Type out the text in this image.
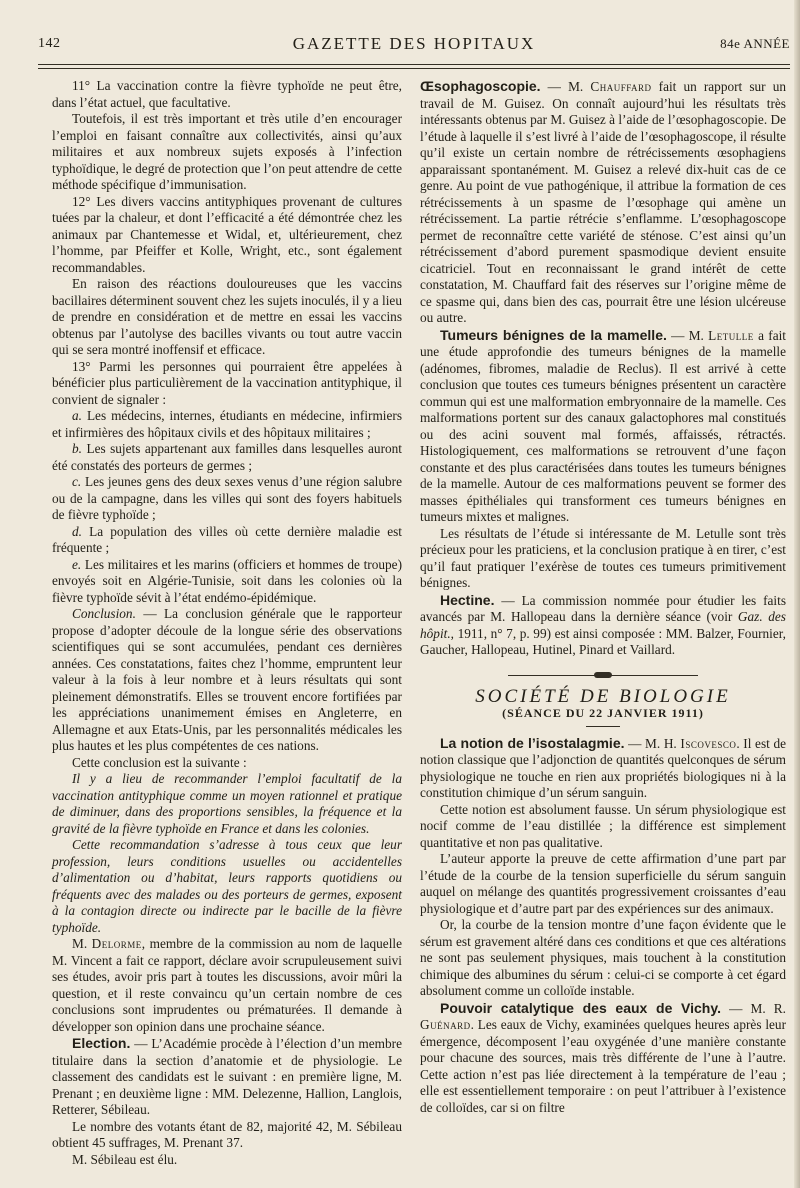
142	GAZETTE DES HOPITAUX	84e ANNÉE

11° La vaccination contre la fièvre typhoïde ne peut être, dans l’état actuel, que facultative.

Toutefois, il est très important et très utile d’en encourager l’emploi en faisant connaître aux collectivités, ainsi qu’aux militaires et aux nombreux sujets exposés à l’infection typhoïdique, le degré de protection que l’on peut attendre de cette méthode spécifique d’immunisation.

12° Les divers vaccins antityphiques provenant de cultures tuées par la chaleur, et dont l’efficacité a été démontrée chez les animaux par Chantemesse et Widal, et, ultérieurement, chez l’homme, par Pfeiffer et Kolle, Wright, etc., sont également recommandables.

En raison des réactions douloureuses que les vaccins bacillaires déterminent souvent chez les sujets inoculés, il y a lieu de prendre en considération et de mettre en essai les vaccins obtenus par l’autolyse des bacilles vivants ou tout autre vaccin qui se sera montré inoffensif et efficace.

13° Parmi les personnes qui pourraient être appelées à bénéficier plus particulièrement de la vaccination antityphique, il convient de signaler :

a. Les médecins, internes, étudiants en médecine, infirmiers et infirmières des hôpitaux civils et des hôpitaux militaires ;

b. Les sujets appartenant aux familles dans lesquelles auront été constatés des porteurs de germes ;

c. Les jeunes gens des deux sexes venus d’une région salubre ou de la campagne, dans les villes qui sont des foyers habituels de fièvre typhoïde ;

d. La population des villes où cette dernière maladie est fréquente ;

e. Les militaires et les marins (officiers et hommes de troupe) envoyés soit en Algérie-Tunisie, soit dans les colonies où la fièvre typhoïde sévit à l’état endémo-épidémique.

Conclusion. — La conclusion générale que le rapporteur propose d’adopter découle de la longue série des observations scientifiques qui se sont accumulées, pendant ces dernières années. Ces constatations, faites chez l’homme, empruntent leur valeur à la fois à leur nombre et à leurs résultats qui sont pleinement démonstratifs. Elles se trouvent encore fortifiées par les appréciations unanimement émises en Angleterre, en Allemagne et aux Etats-Unis, par les personnalités médicales les plus hautes et les plus compétentes de ces nations.

Cette conclusion est la suivante :

Il y a lieu de recommander l’emploi facultatif de la vaccination antityphique comme un moyen rationnel et pratique de diminuer, dans des proportions sensibles, la fréquence et la gravité de la fièvre typhoïde en France et dans les colonies.

Cette recommandation s’adresse à tous ceux que leur profession, leurs conditions usuelles ou accidentelles d’alimentation ou d’habitat, leurs rapports quotidiens ou fréquents avec des malades ou des porteurs de germes, exposent à la contagion directe ou indirecte par le bacille de la fièvre typhoïde.

M. Delorme, membre de la commission au nom de laquelle M. Vincent a fait ce rapport, déclare avoir scrupuleusement suivi ses études, avoir pris part à toutes les discussions, avoir mûri la question, et il reste convaincu qu’un certain nombre de ces conclusions sont imprudentes ou prématurées. Il demande à développer son opinion dans une prochaine séance.

Election. — L’Académie procède à l’élection d’un membre titulaire dans la section d’anatomie et de physiologie. Le classement des candidats est le suivant : en première ligne, M. Prenant ; en deuxième ligne : MM. Delezenne, Hallion, Langlois, Retterer, Sébileau.

Le nombre des votants étant de 82, majorité 42, M. Sébileau obtient 45 suffrages, M. Prenant 37.

M. Sébileau est élu.

Œsophagoscopie. — M. Chauffard fait un rapport sur un travail de M. Guisez. On connaît aujourd’hui les résultats très intéressants obtenus par M. Guisez à l’aide de l’œsophagoscopie. De l’étude à laquelle il s’est livré à l’aide de l’œsophagoscope, il résulte qu’il existe un certain nombre de rétrécissements œsophagiens apparaissant spontanément. M. Guisez a relevé dix-huit cas de ce genre. Au point de vue pathogénique, il attribue la formation de ces rétrécissements à un spasme de l’œsophage qui amène un rétrécissement. La partie rétrécie s’enflamme. L’œsophagoscope permet de reconnaître cette variété de sténose. C’est ainsi qu’un rétrécissement d’abord purement spasmodique devient ensuite cicatriciel. Tout en reconnaissant le grand intérêt de cette constatation, M. Chauffard fait des réserves sur l’origine même de ce spasme qui, dans bien des cas, pourrait être une lésion ulcéreuse ou autre.

Tumeurs bénignes de la mamelle. — M. Letulle a fait une étude approfondie des tumeurs bénignes de la mamelle (adénomes, fibromes, maladie de Reclus). Il est arrivé à cette conclusion que toutes ces tumeurs bénignes présentent un caractère commun qui est une malformation embryonnaire de la mamelle. Ces malformations portent sur des canaux galactophores mal constitués ou des acini souvent mal formés, affaissés, rétractés. Histologiquement, ces malformations se retrouvent d’une façon constante et des plus caractérisées dans toutes les tumeurs bénignes de la mamelle. Autour de ces malformations peuvent se former des masses épithéliales qui transforment ces tumeurs bénignes en tumeurs mixtes et malignes.

Les résultats de l’étude si intéressante de M. Letulle sont très précieux pour les praticiens, et la conclusion pratique à en tirer, c’est qu’il faut pratiquer l’exérèse de toutes ces tumeurs primitivement bénignes.

Hectine. — La commission nommée pour étudier les faits avancés par M. Hallopeau dans la dernière séance (voir Gaz. des hôpit., 1911, n° 7, p. 99) est ainsi composée : MM. Balzer, Fournier, Gaucher, Hallopeau, Hutinel, Pinard et Vaillard.

SOCIÉTÉ DE BIOLOGIE

(SÉANCE DU 22 JANVIER 1911)

La notion de l’isostalagmie. — M. H. Iscovesco. Il est de notion classique que l’adjonction de quantités quelconques de sérum physiologique ne touche en rien aux propriétés biologiques ni à la constitution chimique d’un sérum sanguin.

Cette notion est absolument fausse. Un sérum physiologique est nocif comme de l’eau distillée ; la différence est simplement quantitative et non pas qualitative.

L’auteur apporte la preuve de cette affirmation d’une part par l’étude de la courbe de la tension superficielle du sérum sanguin auquel on mélange des quantités progressivement croissantes d’eau physiologique et d’autre part par des expériences sur des animaux.

Or, la courbe de la tension montre d’une façon évidente que le sérum est gravement altéré dans ces conditions et que ces altérations ne sont pas seulement physiques, mais touchent à la constitution chimique des albumines du sérum : celui-ci se comporte à cet égard absolument comme un colloïde instable.

Pouvoir catalytique des eaux de Vichy. — M. R. Guénard. Les eaux de Vichy, examinées quelques heures après leur émergence, décomposent l’eau oxygénée d’une manière constante pour chacune des sources, mais très différente de l’une à l’autre. Cette action n’est pas liée directement à la température de l’eau ; elle est essentiellement temporaire : on peut l’attribuer à l’existence de colloïdes, car si on filtre
